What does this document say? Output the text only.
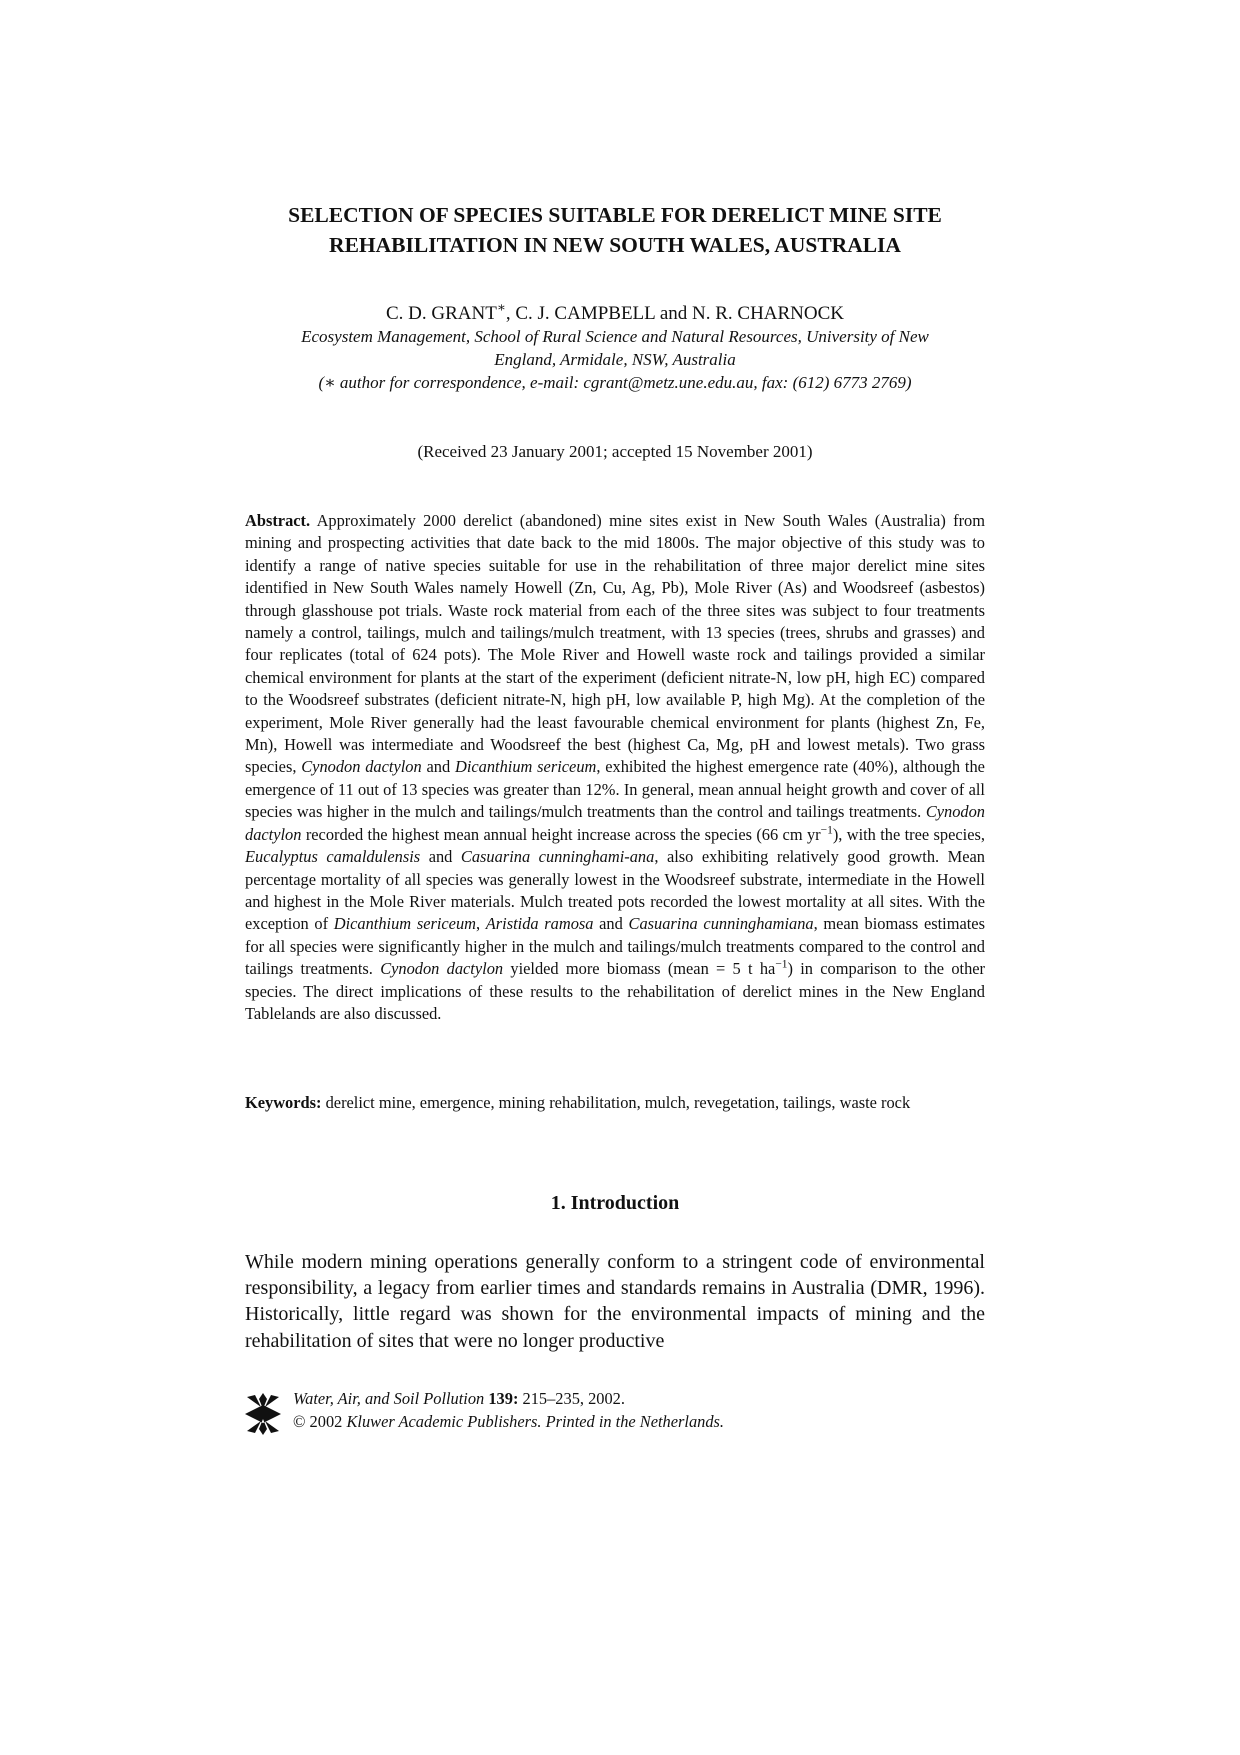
SELECTION OF SPECIES SUITABLE FOR DERELICT MINE SITE
REHABILITATION IN NEW SOUTH WALES, AUSTRALIA
C. D. GRANT∗, C. J. CAMPBELL and N. R. CHARNOCK
Ecosystem Management, School of Rural Science and Natural Resources, University of New
England, Armidale, NSW, Australia
(∗ author for correspondence, e-mail: cgrant@metz.une.edu.au, fax: (612) 6773 2769)
(Received 23 January 2001; accepted 15 November 2001)
Abstract. Approximately 2000 derelict (abandoned) mine sites exist in New South Wales (Australia) from mining and prospecting activities that date back to the mid 1800s. The major objective of this study was to identify a range of native species suitable for use in the rehabilitation of three major derelict mine sites identified in New South Wales namely Howell (Zn, Cu, Ag, Pb), Mole River (As) and Woodsreef (asbestos) through glasshouse pot trials. Waste rock material from each of the three sites was subject to four treatments namely a control, tailings, mulch and tailings/mulch treatment, with 13 species (trees, shrubs and grasses) and four replicates (total of 624 pots). The Mole River and Howell waste rock and tailings provided a similar chemical environment for plants at the start of the experiment (deficient nitrate-N, low pH, high EC) compared to the Woodsreef substrates (deficient nitrate-N, high pH, low available P, high Mg). At the completion of the experiment, Mole River generally had the least favourable chemical environment for plants (highest Zn, Fe, Mn), Howell was intermediate and Woodsreef the best (highest Ca, Mg, pH and lowest metals). Two grass species, Cynodon dactylon and Dicanthium sericeum, exhibited the highest emergence rate (40%), although the emergence of 11 out of 13 species was greater than 12%. In general, mean annual height growth and cover of all species was higher in the mulch and tailings/mulch treatments than the control and tailings treatments. Cynodon dactylon recorded the highest mean annual height increase across the species (66 cm $yr^{-1}$), with the tree species, Eucalyptus camaldulensis and Casuarina cunninghami-ana, also exhibiting relatively good growth. Mean percentage mortality of all species was generally lowest in the Woodsreef substrate, intermediate in the Howell and highest in the Mole River materials. Mulch treated pots recorded the lowest mortality at all sites. With the exception of Dicanthium sericeum, Aristida ramosa and Casuarina cunninghamiana, mean biomass estimates for all species were significantly higher in the mulch and tailings/mulch treatments compared to the control and tailings treatments. Cynodon dactylon yielded more biomass (mean = 5 t $ha^{-1}$) in comparison to the other species. The direct implications of these results to the rehabilitation of derelict mines in the New England Tablelands are also discussed.
Keywords: derelict mine, emergence, mining rehabilitation, mulch, revegetation, tailings, waste rock
1. Introduction
While modern mining operations generally conform to a stringent code of environmental responsibility, a legacy from earlier times and standards remains in Australia (DMR, 1996). Historically, little regard was shown for the environmental impacts of mining and the rehabilitation of sites that were no longer productive
Water, Air, and Soil Pollution 139: 215–235, 2002.
© 2002 Kluwer Academic Publishers. Printed in the Netherlands.
